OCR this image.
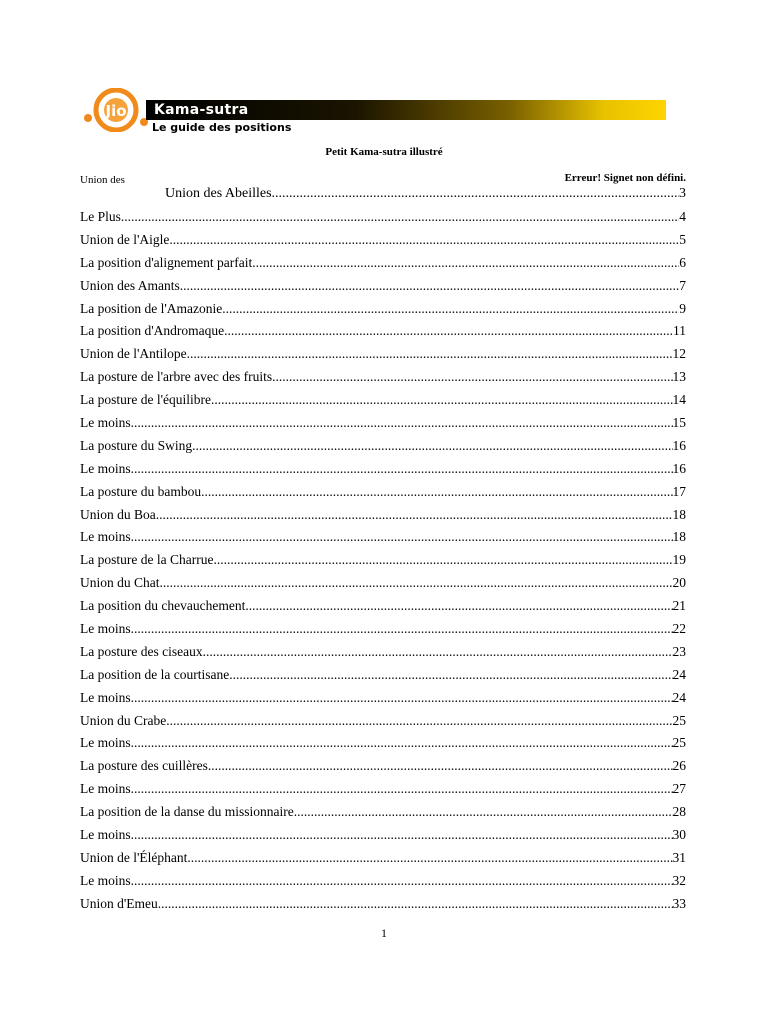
Jio Kama-sutra
Le guide des positions
Petit Kama-sutra illustré
Union des	Erreur! Signet non défini.
Union des Abeilles .....	3
Le Plus .....	4
Union de l'Aigle .....	5
La position d'alignement parfait .....	6
Union des Amants .....	7
La position de l'Amazonie .....	9
La position d'Andromaque .....	11
Union de l'Antilope .....	12
La posture de l'arbre avec des fruits .....	13
La posture de l'équilibre .....	14
Le moins .....	15
La posture du Swing .....	16
Le moins .....	16
La posture du bambou .....	17
Union du Boa .....	18
Le moins .....	18
La posture de la Charrue .....	19
Union du Chat .....	20
La position du chevauchement .....	21
Le moins .....	22
La posture des ciseaux .....	23
La position de la courtisane .....	24
Le moins .....	24
Union du Crabe .....	25
Le moins .....	25
La posture des cuillères .....	26
Le moins .....	27
La position de la danse du missionnaire .....	28
Le moins .....	30
Union de l'Éléphant .....	31
Le moins .....	32
Union d'Emeu .....	33
1
